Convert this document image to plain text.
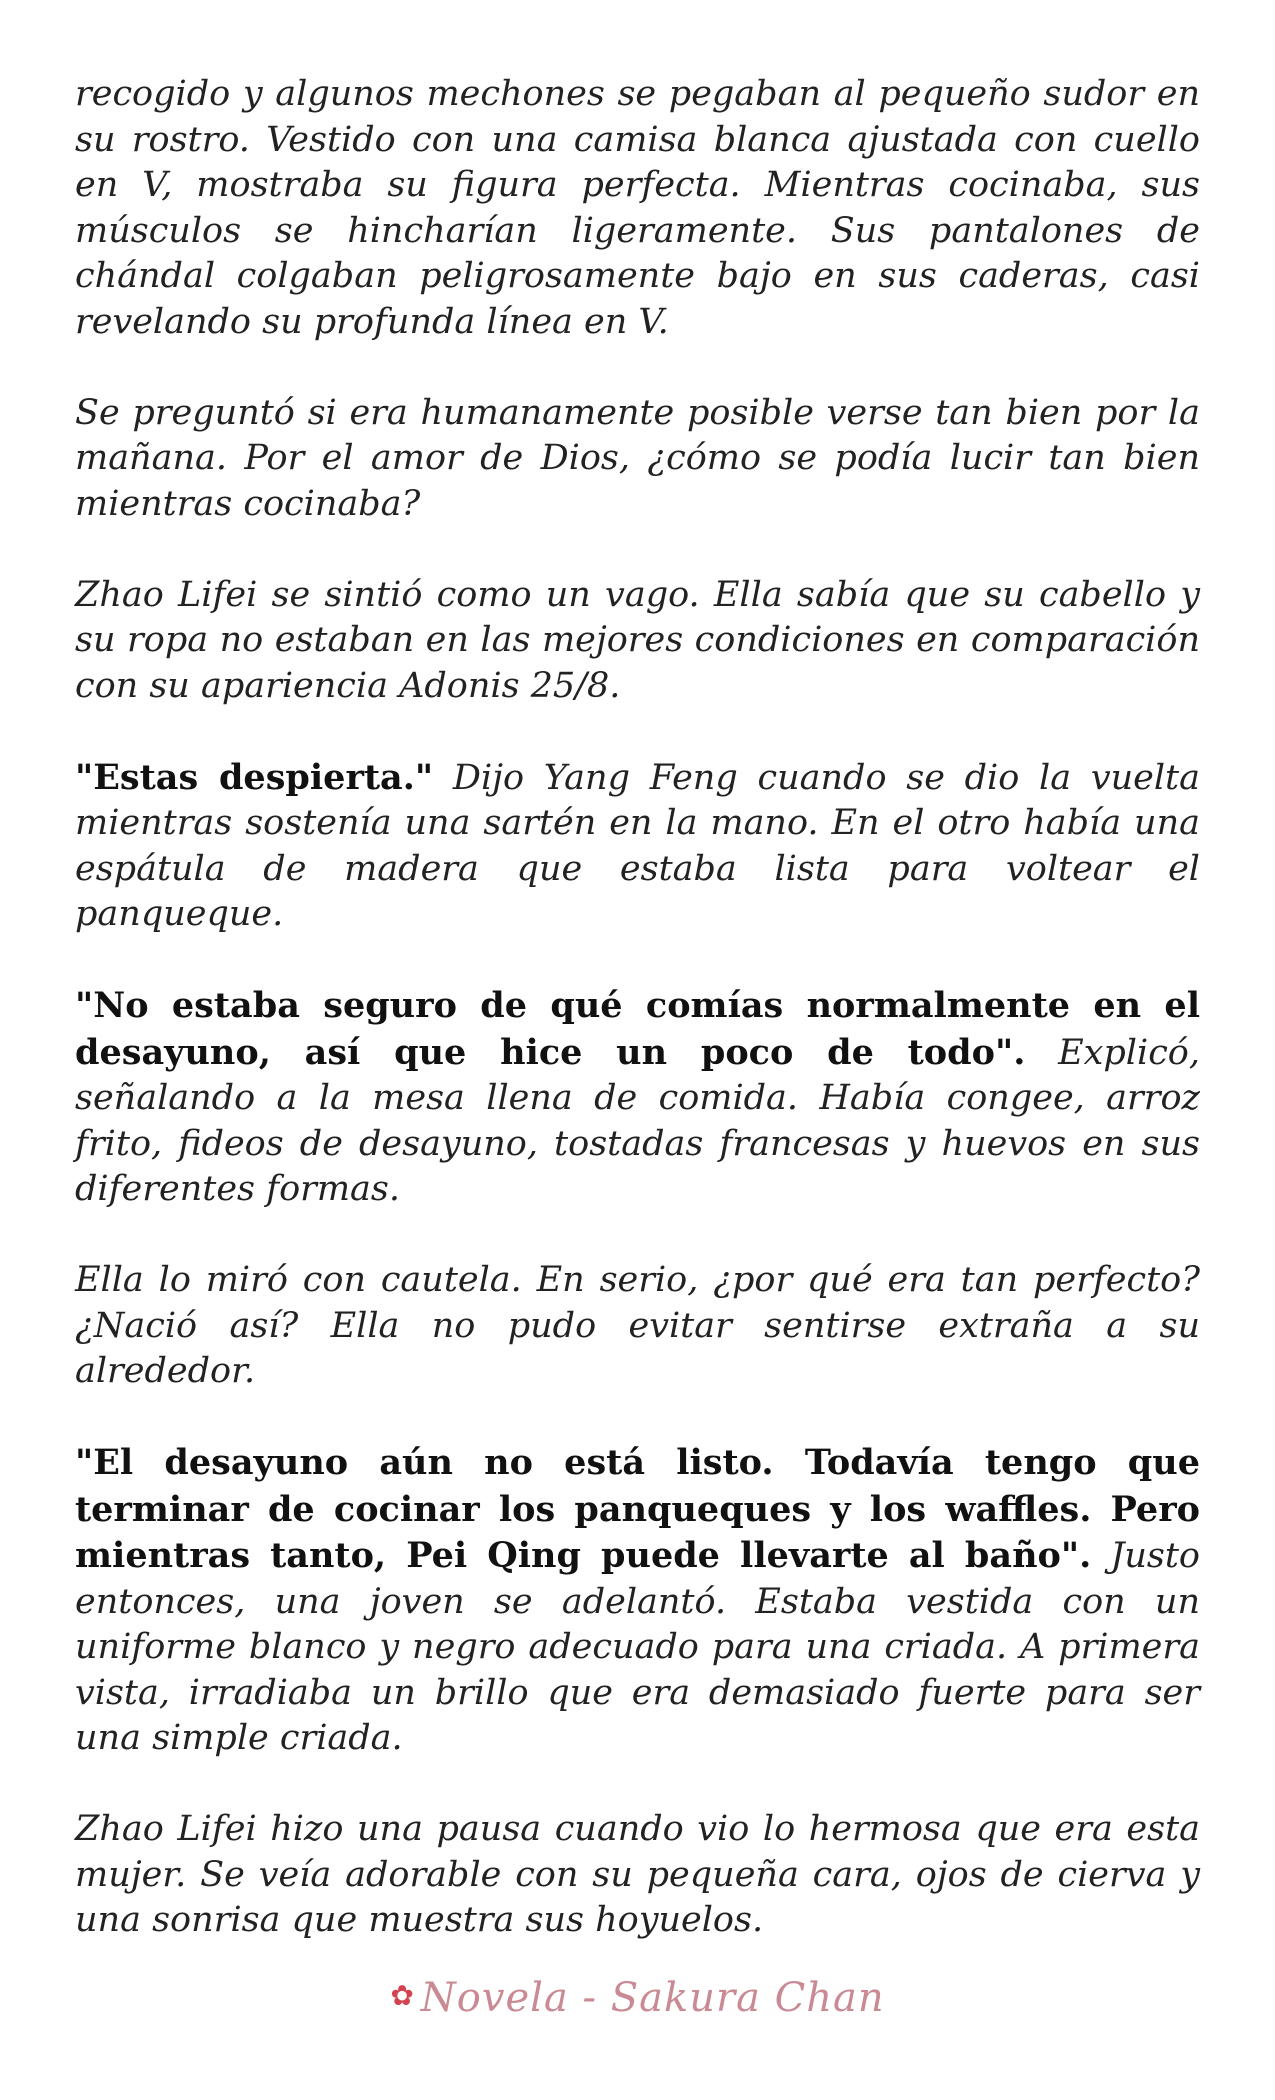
recogido y algunos mechones se pegaban al pequeño sudor en su rostro. Vestido con una camisa blanca ajustada con cuello en V, mostraba su figura perfecta. Mientras cocinaba, sus músculos se hincharían ligeramente. Sus pantalones de chándal colgaban peligrosamente bajo en sus caderas, casi revelando su profunda línea en V.

Se preguntó si era humanamente posible verse tan bien por la mañana. Por el amor de Dios, ¿cómo se podía lucir tan bien mientras cocinaba?

Zhao Lifei se sintió como un vago. Ella sabía que su cabello y su ropa no estaban en las mejores condiciones en comparación con su apariencia Adonis 25/8.

"Estas despierta." Dijo Yang Feng cuando se dio la vuelta mientras sostenía una sartén en la mano. En el otro había una espátula de madera que estaba lista para voltear el panqueque.

"No estaba seguro de qué comías normalmente en el desayuno, así que hice un poco de todo". Explicó, señalando a la mesa llena de comida. Había congee, arroz frito, fideos de desayuno, tostadas francesas y huevos en sus diferentes formas.

Ella lo miró con cautela. En serio, ¿por qué era tan perfecto? ¿Nació así? Ella no pudo evitar sentirse extraña a su alrededor.

"El desayuno aún no está listo. Todavía tengo que terminar de cocinar los panqueques y los waffles. Pero mientras tanto, Pei Qing puede llevarte al baño". Justo entonces, una joven se adelantó. Estaba vestida con un uniforme blanco y negro adecuado para una criada. A primera vista, irradiaba un brillo que era demasiado fuerte para ser una simple criada.

Zhao Lifei hizo una pausa cuando vio lo hermosa que era esta mujer. Se veía adorable con su pequeña cara, ojos de cierva y una sonrisa que muestra sus hoyuelos.

✿ Novela - Sakura Chan
